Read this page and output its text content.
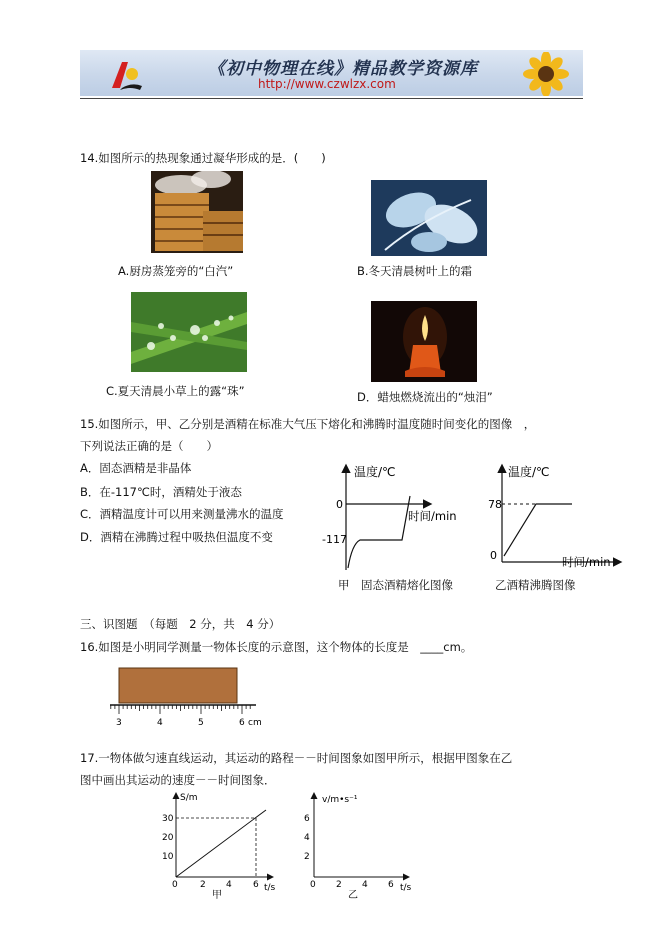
《初中物理在线》精品教学资源库
http://www.czwlzx.com
14.如图所示的热现象通过凝华形成的是．(　　)
A.厨房蒸笼旁的“白汽”	B.冬天清晨树叶上的霜
C.夏天清晨小草上的露“珠”	D．蜡烛燃烧流出的“烛泪”
15.如图所示，甲、乙分别是酒精在标准大气压下熔化和沸腾时温度随时间变化的图像　，
下列说法正确的是（　　）
A．固态酒精是非晶体
B．在-117℃时，酒精处于液态
C．酒精温度计可以用来测量沸水的温度
D．酒精在沸腾过程中吸热但温度不变
温度/℃
时间/min
0
-117
甲　固态酒精熔化图像
温度/℃
时间/min
78
0
乙酒精沸腾图像
三、识图题　（每题　2 分，共　4 分）
16.如图是小明同学测量一物体长度的示意图，这个物体的长度是　____cm。
3	4	5	6 cm
17.一物体做匀速直线运动，其运动的路程－－时间图象如图甲所示，根据甲图象在乙
图中画出其运动的速度－－时间图象．
S/m
10
20
30
0 2 4 6 t/s
甲
v/m•s⁻¹
2
4
6
0 2 4 6 t/s
乙
